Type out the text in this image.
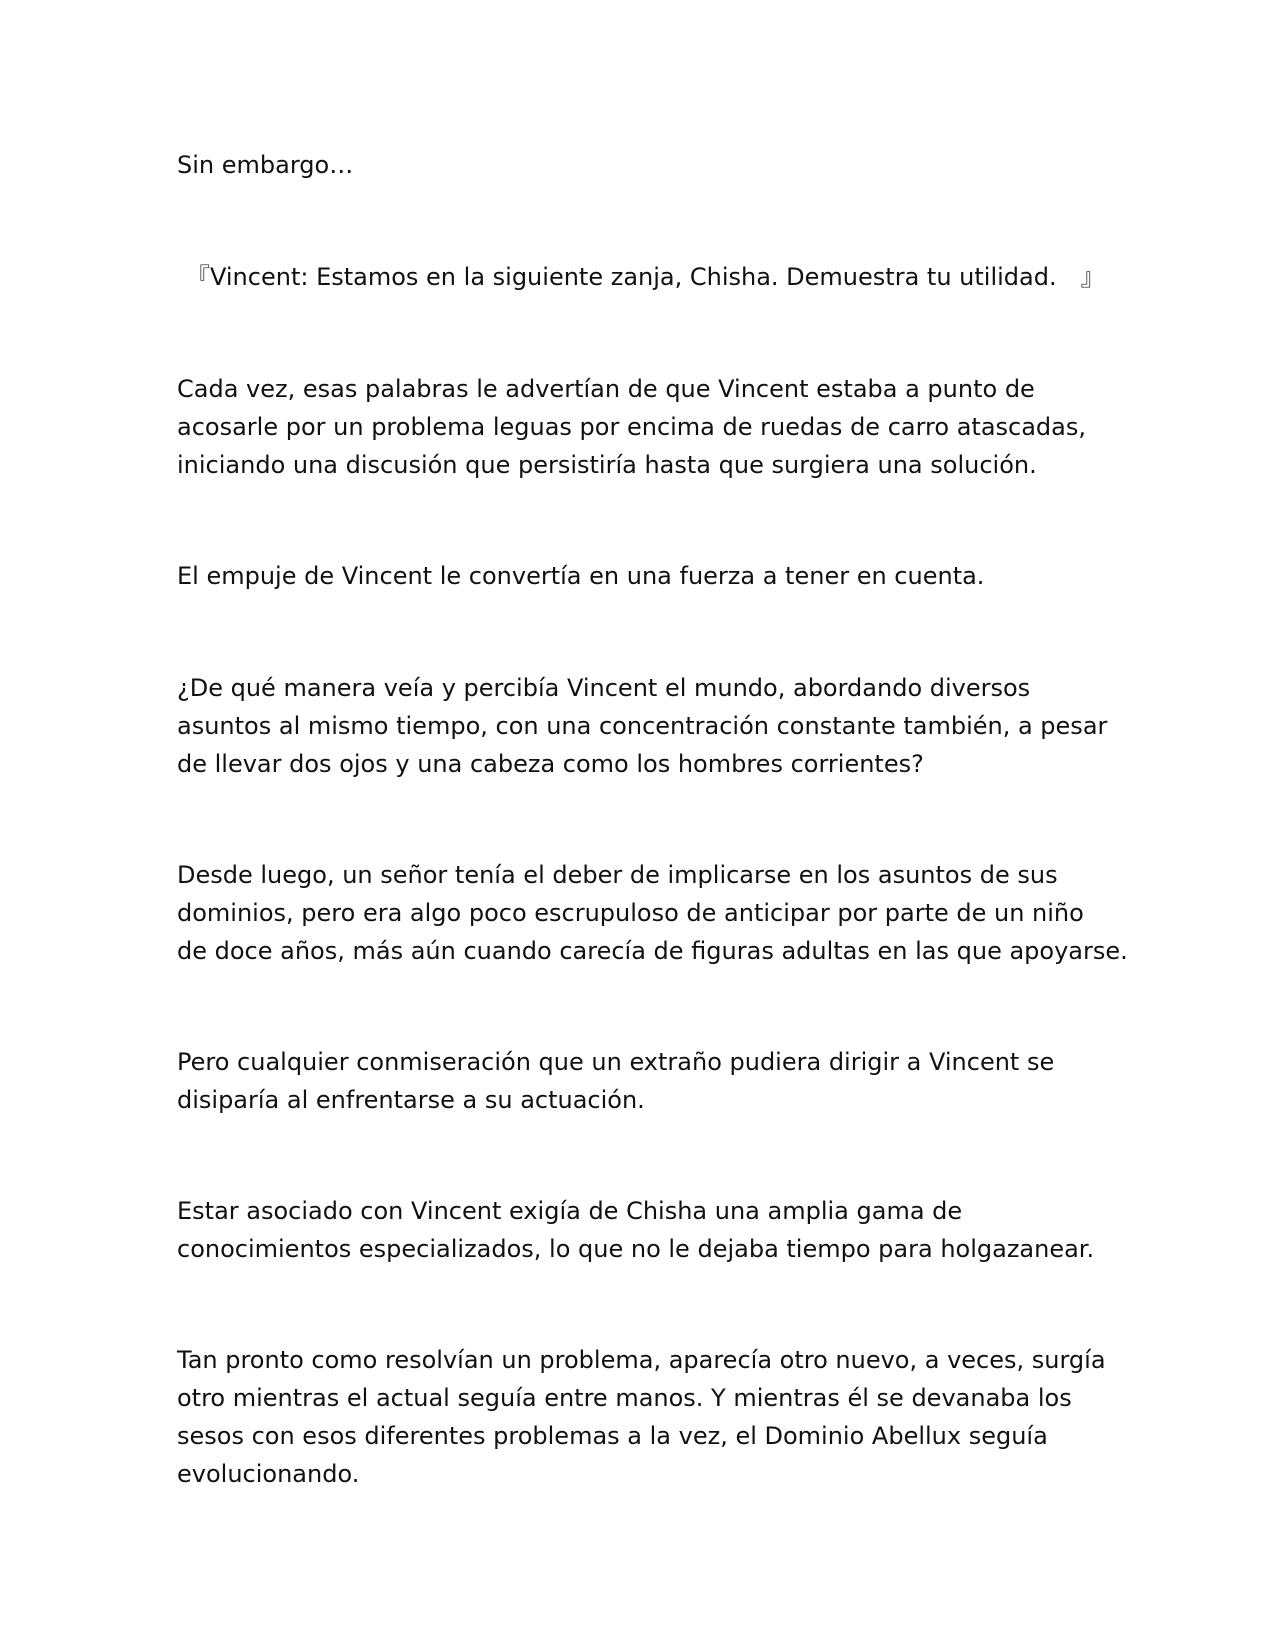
Sin embargo…

『Vincent: Estamos en la siguiente zanja, Chisha. Demuestra tu utilidad.　』

Cada vez, esas palabras le advertían de que Vincent estaba a punto de
acosarle por un problema leguas por encima de ruedas de carro atascadas,
iniciando una discusión que persistiría hasta que surgiera una solución.

El empuje de Vincent le convertía en una fuerza a tener en cuenta.

¿De qué manera veía y percibía Vincent el mundo, abordando diversos
asuntos al mismo tiempo, con una concentración constante también, a pesar
de llevar dos ojos y una cabeza como los hombres corrientes?

Desde luego, un señor tenía el deber de implicarse en los asuntos de sus
dominios, pero era algo poco escrupuloso de anticipar por parte de un niño
de doce años, más aún cuando carecía de figuras adultas en las que apoyarse.

Pero cualquier conmiseración que un extraño pudiera dirigir a Vincent se
disiparía al enfrentarse a su actuación.

Estar asociado con Vincent exigía de Chisha una amplia gama de
conocimientos especializados, lo que no le dejaba tiempo para holgazanear.

Tan pronto como resolvían un problema, aparecía otro nuevo, a veces, surgía
otro mientras el actual seguía entre manos. Y mientras él se devanaba los
sesos con esos diferentes problemas a la vez, el Dominio Abellux seguía
evolucionando.
